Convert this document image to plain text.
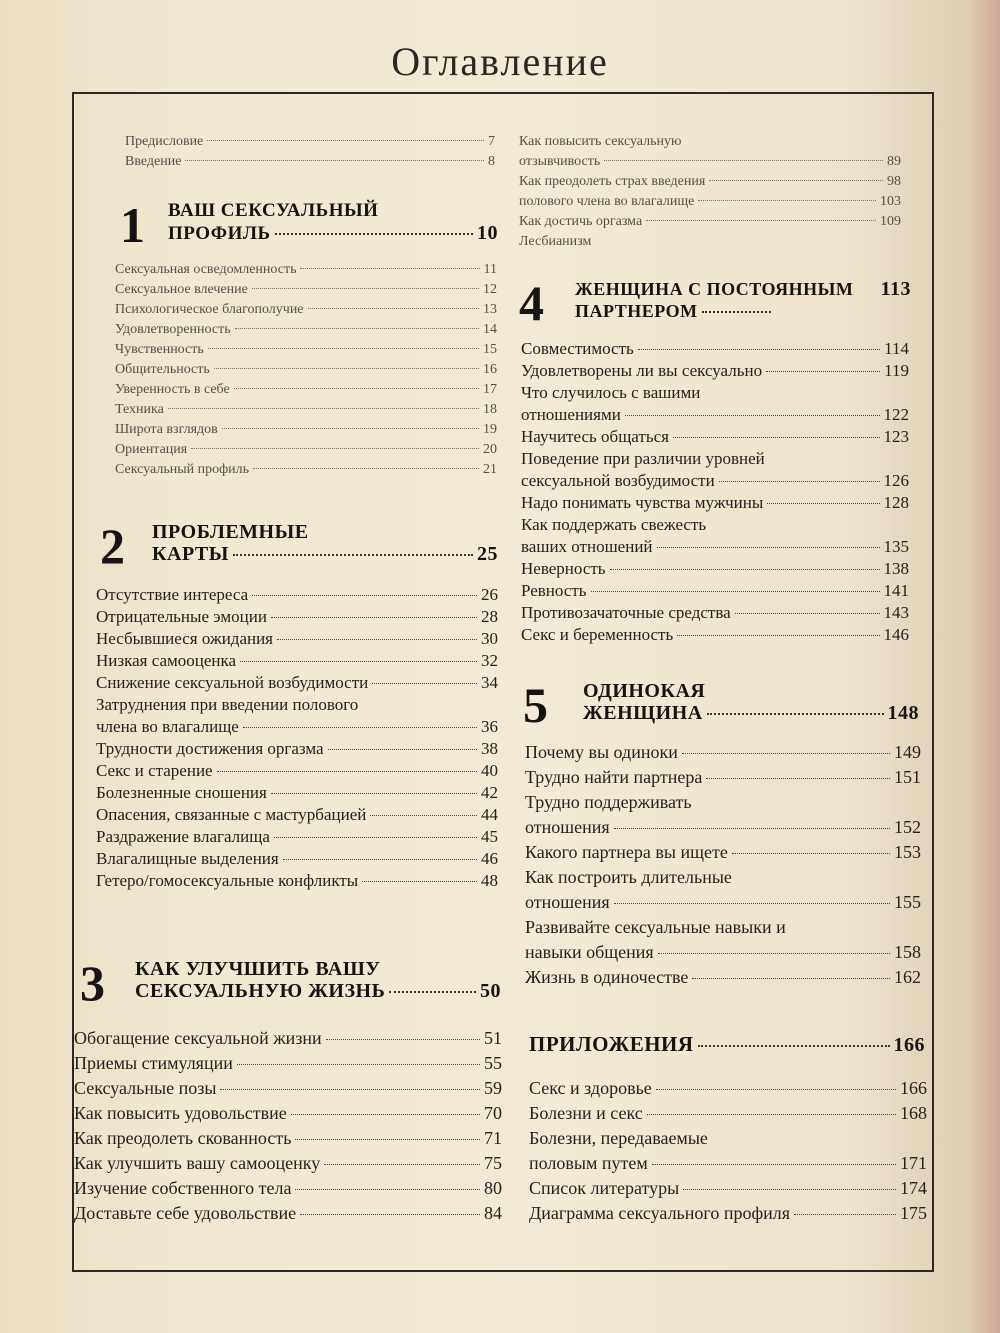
Оглавление
Предисловие	7
Введение	8
1 ВАШ СЕКСУАЛЬНЫЙ
ПРОФИЛЬ	10
Сексуальная осведомленность	11
Сексуальное влечение	12
Психологическое благополучие	13
Удовлетворенность	14
Чувственность	15
Общительность	16
Уверенность в себе	17
Техника	18
Широта взглядов	19
Ориентация	20
Сексуальный профиль	21
2 ПРОБЛЕМНЫЕ
КАРТЫ	25
Отсутствие интереса	26
Отрицательные эмоции	28
Несбывшиеся ожидания	30
Низкая самооценка	32
Снижение сексуальной возбудимости	34
Затруднения при введении полового
члена во влагалище	36
Трудности достижения оргазма	38
Секс и старение	40
Болезненные сношения	42
Опасения, связанные с мастурбацией	44
Раздражение влагалища	45
Влагалищные выделения	46
Гетеро/гомосексуальные конфликты	48
3 КАК УЛУЧШИТЬ ВАШУ
СЕКСУАЛЬНУЮ ЖИЗНЬ	50
Обогащение сексуальной жизни	51
Приемы стимуляции	55
Сексуальные позы	59
Как повысить удовольствие	70
Как преодолеть скованность	71
Как улучшить вашу самооценку	75
Изучение собственного тела	80
Доставьте себе удовольствие	84
Как повысить сексуальную
отзывчивость	89
Как преодолеть страх введения	98
полового члена во влагалище	103
Как достичь оргазма	109
Лесбианизм
4 ЖЕНЩИНА С ПОСТОЯННЫМ 113
ПАРТНЕРОМ
Совместимость	114
Удовлетворены ли вы сексуально	119
Что случилось с вашими
отношениями	122
Научитесь общаться	123
Поведение при различии уровней
сексуальной возбудимости	126
Надо понимать чувства мужчины	128
Как поддержать свежесть
ваших отношений	135
Неверность	138
Ревность	141
Противозачаточные средства	143
Секс и беременность	146
5 ОДИНОКАЯ
ЖЕНЩИНА	148
Почему вы одиноки	149
Трудно найти партнера	151
Трудно поддерживать
отношения	152
Какого партнера вы ищете	153
Как построить длительные
отношения	155
Развивайте сексуальные навыки и
навыки общения	158
Жизнь в одиночестве	162
ПРИЛОЖЕНИЯ	166
Секс и здоровье	166
Болезни и секс	168
Болезни, передаваемые
половым путем	171
Список литературы	174
Диаграмма сексуального профиля	175
